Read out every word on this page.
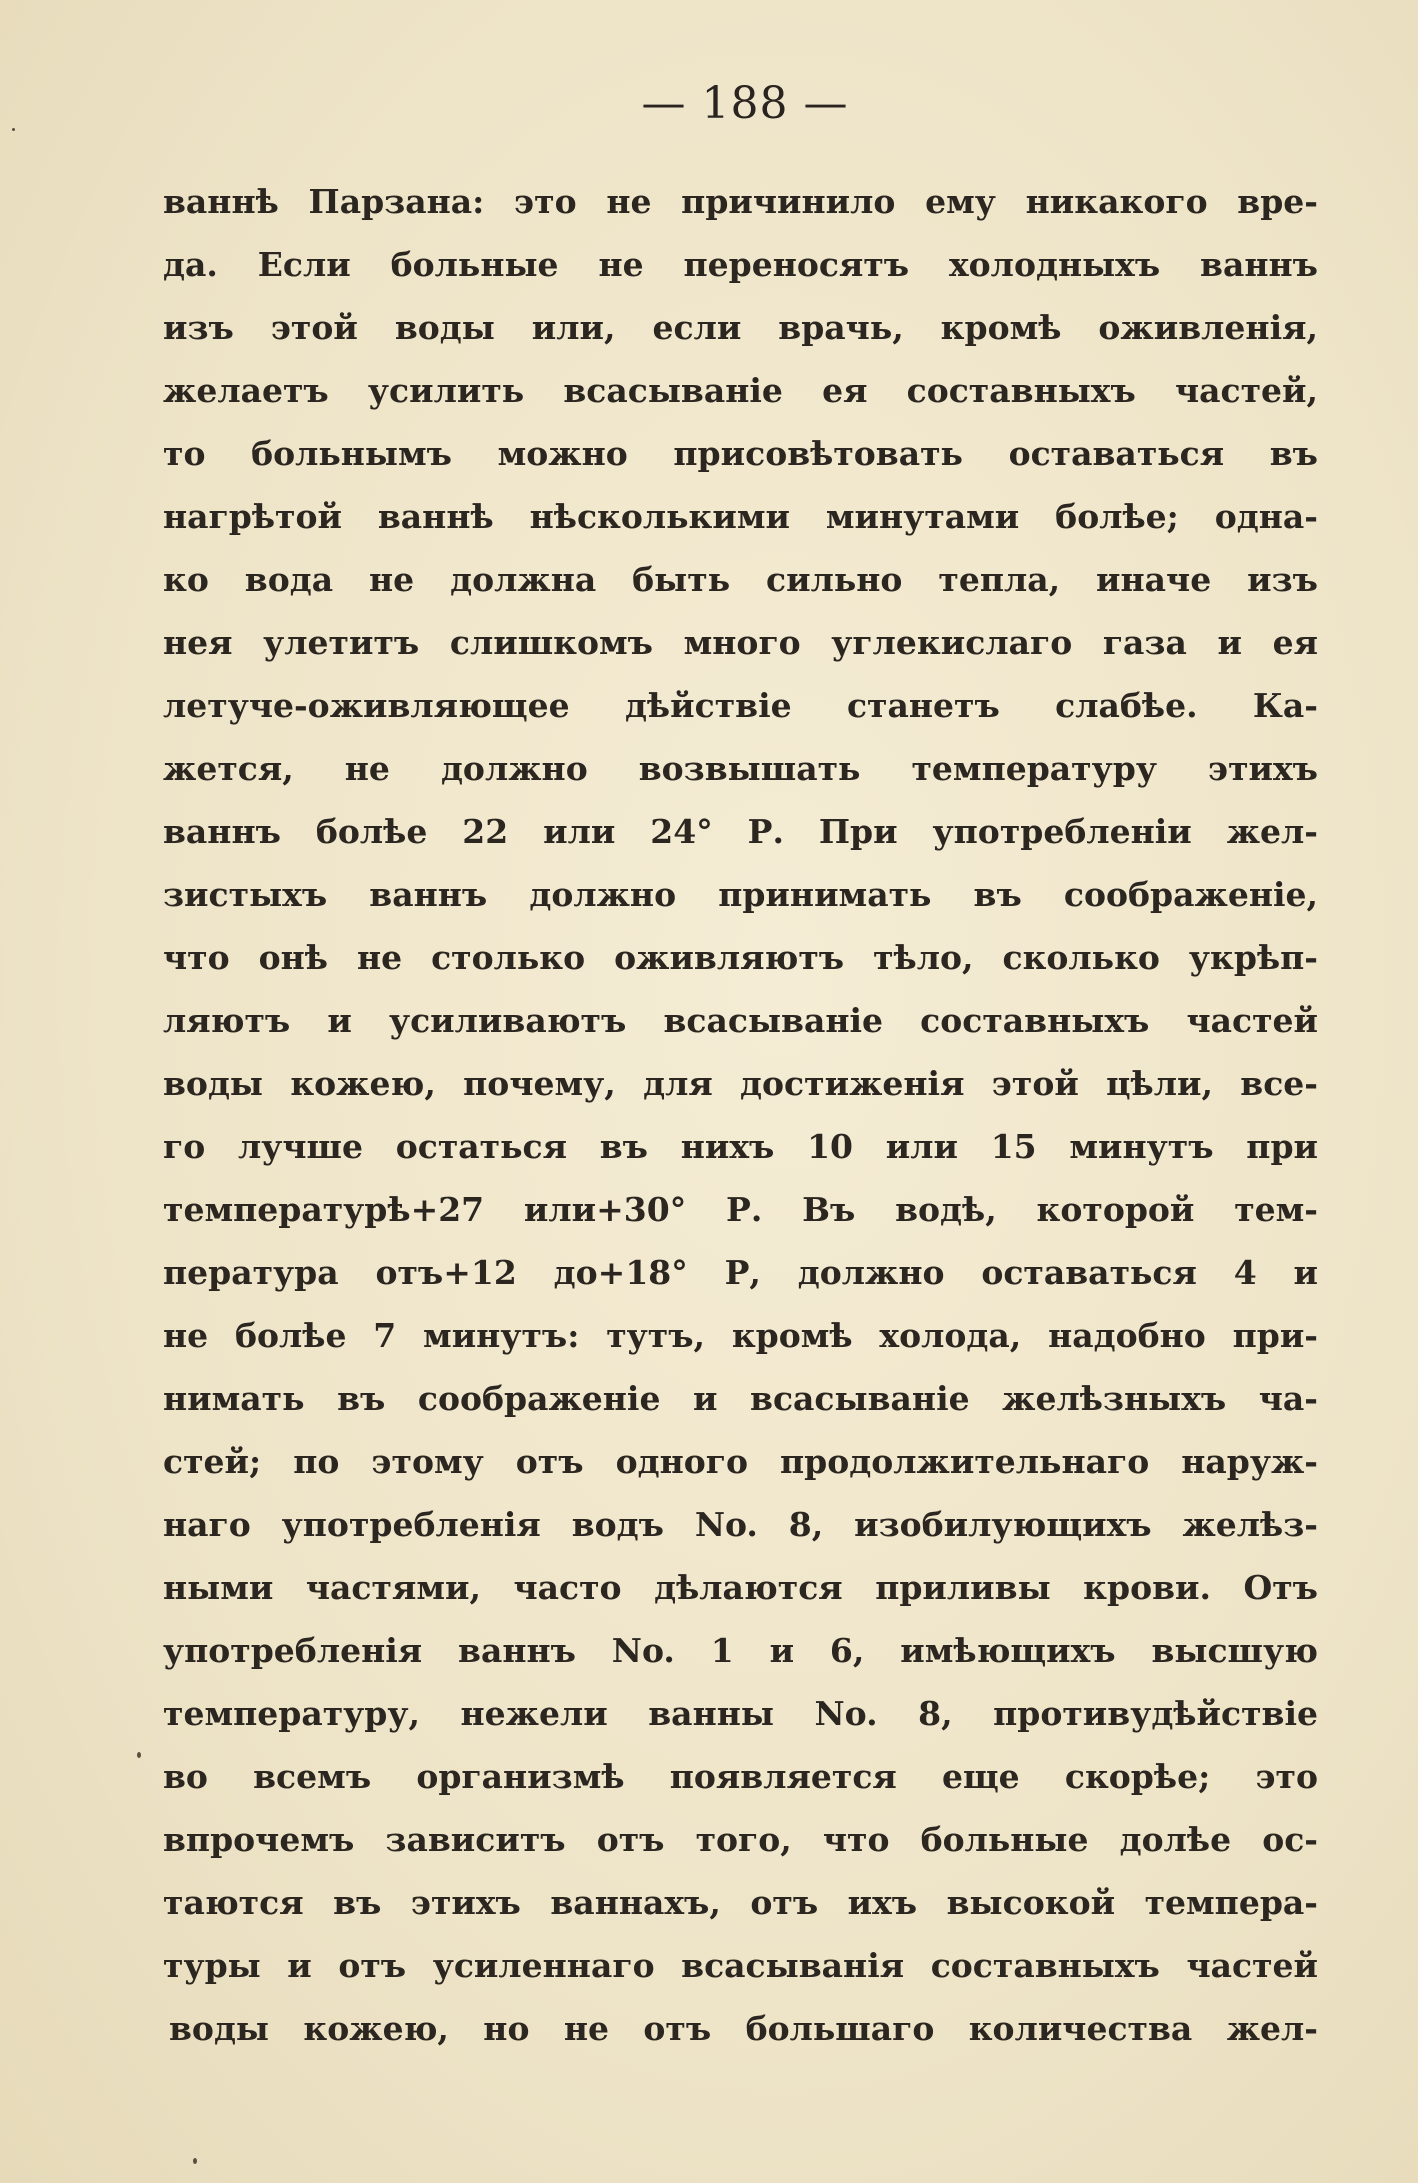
— 188 —
ваннѣ Парзана: это не причинило ему никакого вре-
да. Если больные не переносятъ холодныхъ ваннъ
изъ этой воды или, если врачь, кромѣ оживленія,
желаетъ усилить всасываніе ея составныхъ частей,
то больнымъ можно присовѣтовать оставаться въ
нагрѣтой ваннѣ нѣсколькими минутами болѣе; одна-
ко вода не должна быть сильно тепла, иначе изъ
нея улетитъ слишкомъ много углекислаго газа и ея
летуче-оживляющее дѣйствіе станетъ слабѣе. Ка-
жется, не должно возвышать температуру этихъ
ваннъ болѣе 22 или 24° Р. При употребленіи жел-
зистыхъ ваннъ должно принимать въ соображеніе,
что онѣ не столько оживляютъ тѣло, сколько укрѣп-
ляютъ и усиливаютъ всасываніе составныхъ частей
воды кожею, почему, для достиженія этой цѣли, все-
го лучше остаться въ нихъ 10 или 15 минутъ при
температурѣ+27 или+30° Р. Въ водѣ, которой тем-
пература отъ+12 до+18° Р, должно оставаться 4 и
не болѣе 7 минутъ: тутъ, кромѣ холода, надобно при-
нимать въ соображеніе и всасываніе желѣзныхъ ча-
стей; по этому отъ одного продолжительнаго наруж-
наго употребленія водъ No. 8, изобилующихъ желѣз-
ными частями, часто дѣлаются приливы крови. Отъ
употребленія ваннъ No. 1 и 6, имѣющихъ высшую
температуру, нежели ванны No. 8, противудѣйствіе
во всемъ организмѣ появляется еще скорѣе; это
впрочемъ зависитъ отъ того, что больные долѣе ос-
таются въ этихъ ваннахъ, отъ ихъ высокой темпера-
туры и отъ усиленнаго всасыванія составныхъ частей
воды кожею, но не отъ большаго количества жел-
